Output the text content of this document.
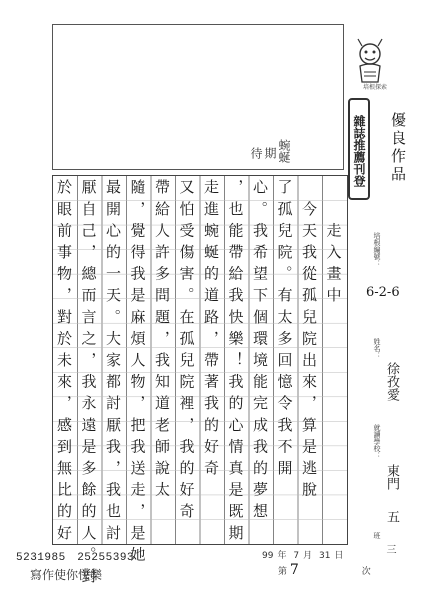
蜿蜒
期待
培根探索
雜誌推薦刊登 優良作品
培根編號：
6-2-6
姓名：
徐孜愛
就讀學校：
東門
五
班
三
　　走入畫中
　今天我從孤兒院出來，算是逃脫
了孤兒院。有太多回憶令我不開
心。我希望下個環境能完成我的夢想
，也能帶給我快樂！我的心情真是既期
走進蜿蜒的道路，帶著我的好奇
又怕受傷害。在孤兒院裡，我的好奇
帶給人許多問題，我知道老師說太
隨，覺得我是麻煩人物，把我送走，是她
最開心的一天。大家都討厭我，我也討
厭自己，總而言之，我永遠是多餘的人。對
於眼前事物，對於未來，感到無比的好
99 年 7 月 31 日
第 7	次
5231985　25255393
寫作使你快樂
